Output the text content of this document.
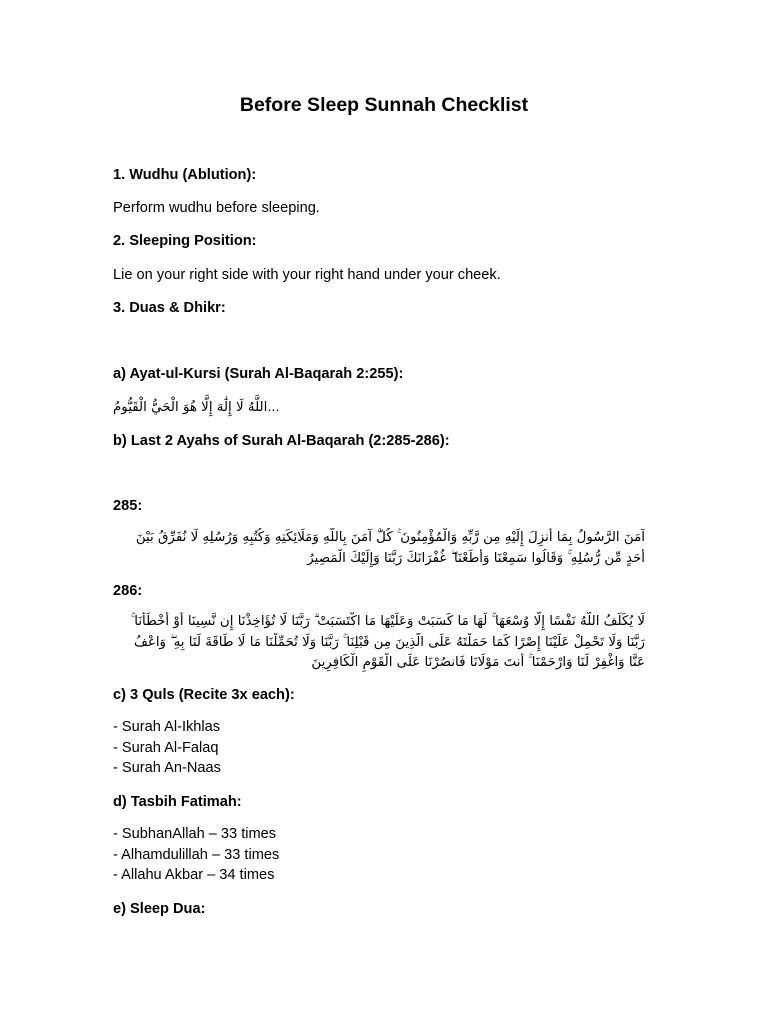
Before Sleep Sunnah Checklist

1. Wudhu (Ablution):

Perform wudhu before sleeping.

2. Sleeping Position:

Lie on your right side with your right hand under your cheek.

3. Duas & Dhikr:

a) Ayat-ul-Kursi (Surah Al-Baqarah 2:255):

اللَّهُ لَا إِلَٰهَ إِلَّا هُوَ الْحَيُّ الْقَيُّومُ...

b) Last 2 Ayahs of Surah Al-Baqarah (2:285-286):

285:

آمَنَ الرَّسُولُ بِمَا أُنزِلَ إِلَيْهِ مِن رَّبِّهِ وَالْمُؤْمِنُونَ ۚ كُلٌّ آمَنَ بِاللَّهِ وَمَلَائِكَتِهِ وَكُتُبِهِ وَرُسُلِهِ لَا نُفَرِّقُ بَيْنَ
أَحَدٍ مِّن رُّسُلِهِ ۚ وَقَالُوا سَمِعْنَا وَأَطَعْنَا ۖ غُفْرَانَكَ رَبَّنَا وَإِلَيْكَ الْمَصِيرُ

286:

لَا يُكَلِّفُ اللَّهُ نَفْسًا إِلَّا وُسْعَهَا ۚ لَهَا مَا كَسَبَتْ وَعَلَيْهَا مَا اكْتَسَبَتْ ۗ رَبَّنَا لَا تُؤَاخِذْنَا إِن نَّسِينَا أَوْ أَخْطَأْنَا ۚ
رَبَّنَا وَلَا تَحْمِلْ عَلَيْنَا إِصْرًا كَمَا حَمَلْتَهُ عَلَى الَّذِينَ مِن قَبْلِنَا ۚ رَبَّنَا وَلَا تُحَمِّلْنَا مَا لَا طَاقَةَ لَنَا بِهِ ۖ وَاعْفُ
عَنَّا وَاغْفِرْ لَنَا وَارْحَمْنَا ۚ أَنتَ مَوْلَانَا فَانصُرْنَا عَلَى الْقَوْمِ الْكَافِرِينَ

c) 3 Quls (Recite 3x each):

- Surah Al-Ikhlas
- Surah Al-Falaq
- Surah An-Naas

d) Tasbih Fatimah:

- SubhanAllah – 33 times
- Alhamdulillah – 33 times
- Allahu Akbar – 34 times

e) Sleep Dua:
